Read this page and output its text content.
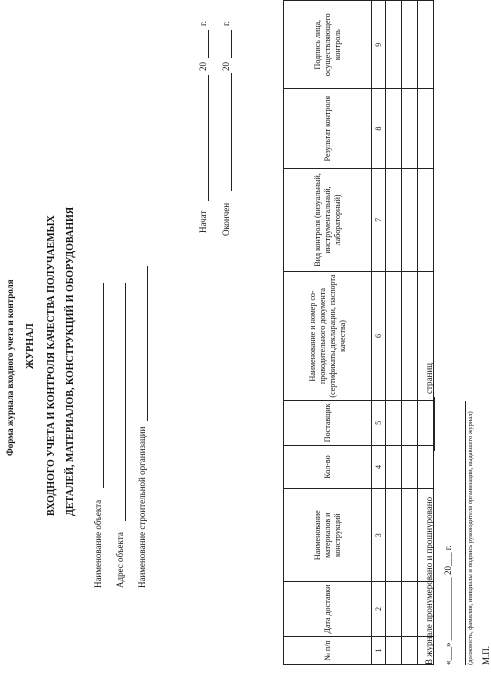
Форма журнала входного учета и контроля ЖУРНАЛ ВХОДНОГО УЧЕТА И КОНТРОЛЯ КАЧЕСТВА ПОЛУЧАЕМЫХ ДЕТАЛЕЙ, МАТЕРИАЛОВ, КОНСТРУКЦИЙ И ОБОРУДОВАНИЯ
Наименование объекта Адрес объекта Наименование строительной организации
Начат
20
г.
Окончен
20
г.
№ п/п	Дата доставки	Наименование материалов и конструкций	Кол-во	Поставщик	Наименование и номер со-проводительного документа (сертификаты,декларации, паспорта качества)	Вид контроля (визуальный, инструментальный, лабораторный)	Результат контроля	Подпись лица, осуществляющего контроль
1	2	3	4	5	6	7	8	9

В журнале пронумеровано и прошнуровано
страниц
«___» ______________ 20___ г. (должность, фамилия, инициалы и подпись руководителя организации, выдавшего журнал) М.П.
